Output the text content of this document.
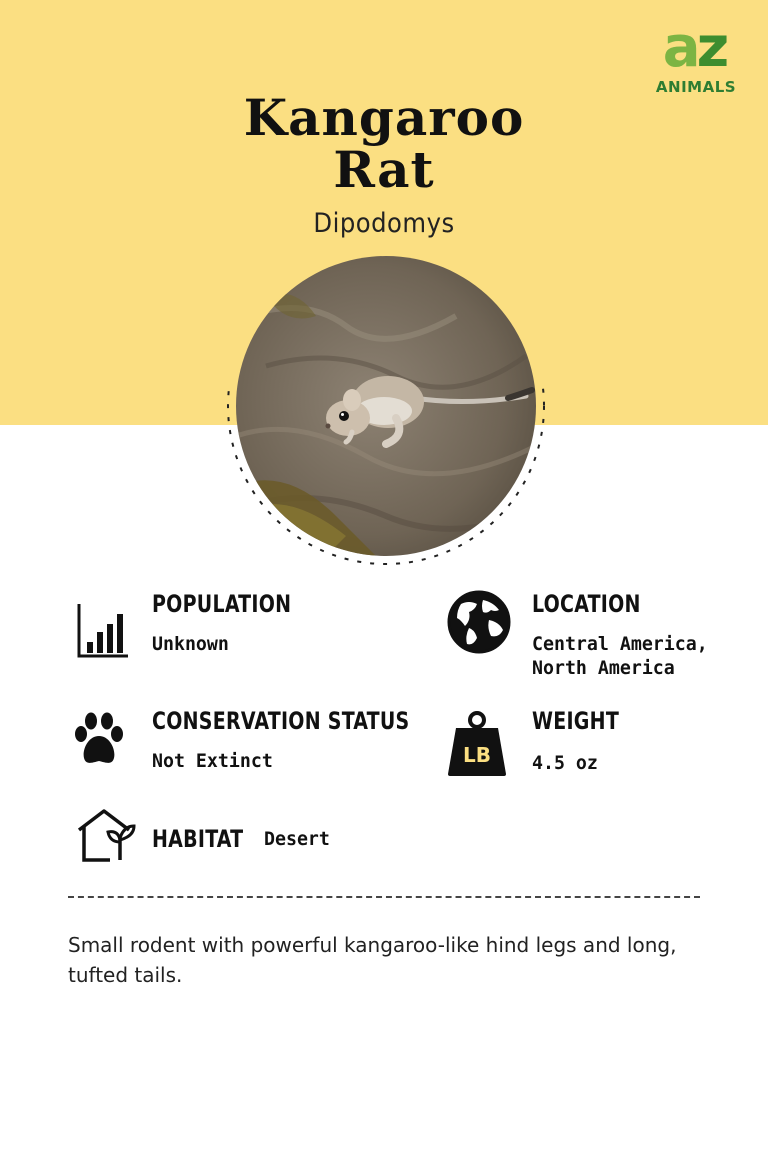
az
ANIMALS
Kangaroo
Rat
Dipodomys
POPULATION
Unknown
LOCATION
Central America,
North America
CONSERVATION STATUS
Not Extinct	LB
WEIGHT
4.5 oz
HABITAT Desert
Small rodent with powerful kangaroo-like hind legs and long, tufted tails.
